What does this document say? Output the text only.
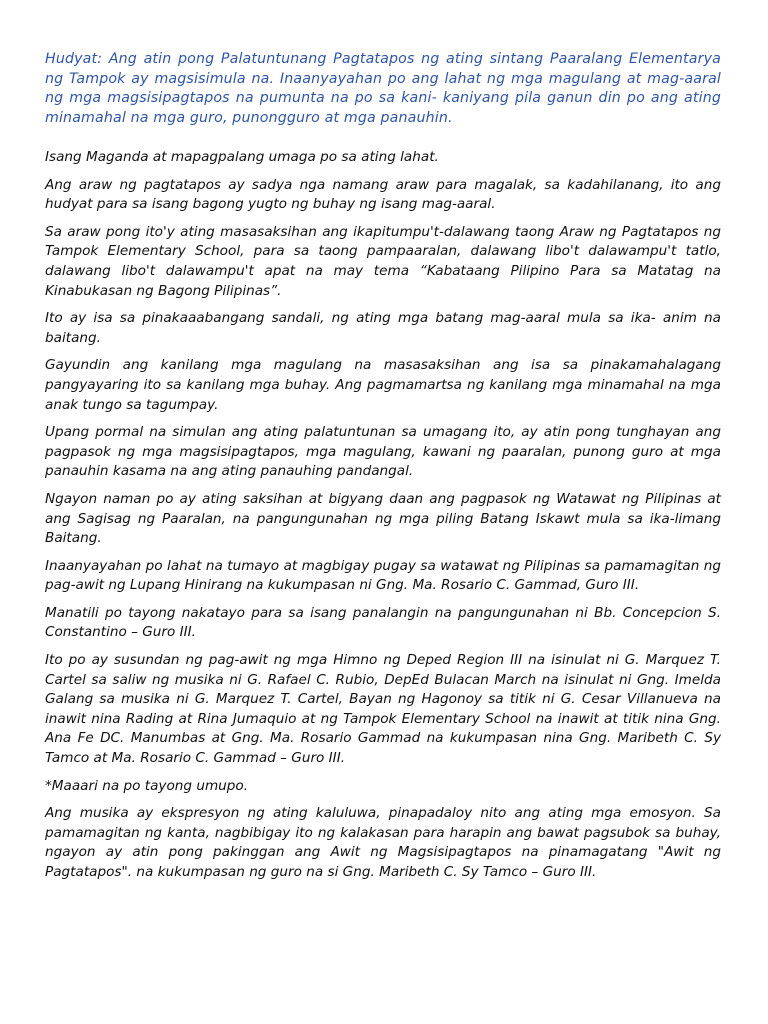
Hudyat: Ang atin pong Palatuntunang Pagtatapos ng ating sintang Paaralang Elementarya ng Tampok ay magsisimula na. Inaanyayahan po ang lahat ng mga magulang at mag-aaral ng mga magsisipagtapos na pumunta na po sa kani- kaniyang pila ganun din po ang ating minamahal na mga guro, punongguro at mga panauhin.

Isang Maganda at mapagpalang umaga po sa ating lahat.

Ang araw ng pagtatapos ay sadya nga namang araw para magalak, sa kadahilanang, ito ang hudyat para sa isang bagong yugto ng buhay ng isang mag-aaral.

Sa araw pong ito'y ating masasaksihan ang ikapitumpu't-dalawang taong Araw ng Pagtatapos ng Tampok Elementary School, para sa taong pampaaralan, dalawang libo't dalawampu't tatlo, dalawang libo't dalawampu't apat na may tema “Kabataang Pilipino Para sa Matatag na Kinabukasan ng Bagong Pilipinas”.

Ito ay isa sa pinakaaabangang sandali, ng ating mga batang mag-aaral mula sa ika- anim na baitang.

Gayundin ang kanilang mga magulang na masasaksihan ang isa sa pinakamahalagang pangyayaring ito sa kanilang mga buhay. Ang pagmamartsa ng kanilang mga minamahal na mga anak tungo sa tagumpay.

Upang pormal na simulan ang ating palatuntunan sa umagang ito, ay atin pong tunghayan ang pagpasok ng mga magsisipagtapos, mga magulang, kawani ng paaralan, punong guro at mga panauhin kasama na ang ating panauhing pandangal.

Ngayon naman po ay ating saksihan at bigyang daan ang pagpasok ng Watawat ng Pilipinas at ang Sagisag ng Paaralan, na pangungunahan ng mga piling Batang Iskawt mula sa ika-limang Baitang.

Inaanyayahan po lahat na tumayo at magbigay pugay sa watawat ng Pilipinas sa pamamagitan ng pag-awit ng Lupang Hinirang na kukumpasan ni Gng. Ma. Rosario C. Gammad, Guro III.

Manatili po tayong nakatayo para sa isang panalangin na pangungunahan ni Bb. Concepcion S. Constantino – Guro III.

Ito po ay susundan ng pag-awit ng mga Himno ng Deped Region III na isinulat ni G. Marquez T. Cartel sa saliw ng musika ni G. Rafael C. Rubio, DepEd Bulacan March na isinulat ni Gng. Imelda Galang sa musika ni G. Marquez T. Cartel, Bayan ng Hagonoy sa titik ni G. Cesar Villanueva na inawit nina Rading at Rina Jumaquio at ng Tampok Elementary School na inawit at titik nina Gng. Ana Fe DC. Manumbas at Gng. Ma. Rosario Gammad na kukumpasan nina Gng. Maribeth C. Sy Tamco at Ma. Rosario C. Gammad – Guro III.

*Maaari na po tayong umupo.

Ang musika ay ekspresyon ng ating kaluluwa, pinapadaloy nito ang ating mga emosyon. Sa pamamagitan ng kanta, nagbibigay ito ng kalakasan para harapin ang bawat pagsubok sa buhay, ngayon ay atin pong pakinggan ang Awit ng Magsisipagtapos na pinamagatang "Awit ng Pagtatapos". na kukumpasan ng guro na si Gng. Maribeth C. Sy Tamco – Guro III.
